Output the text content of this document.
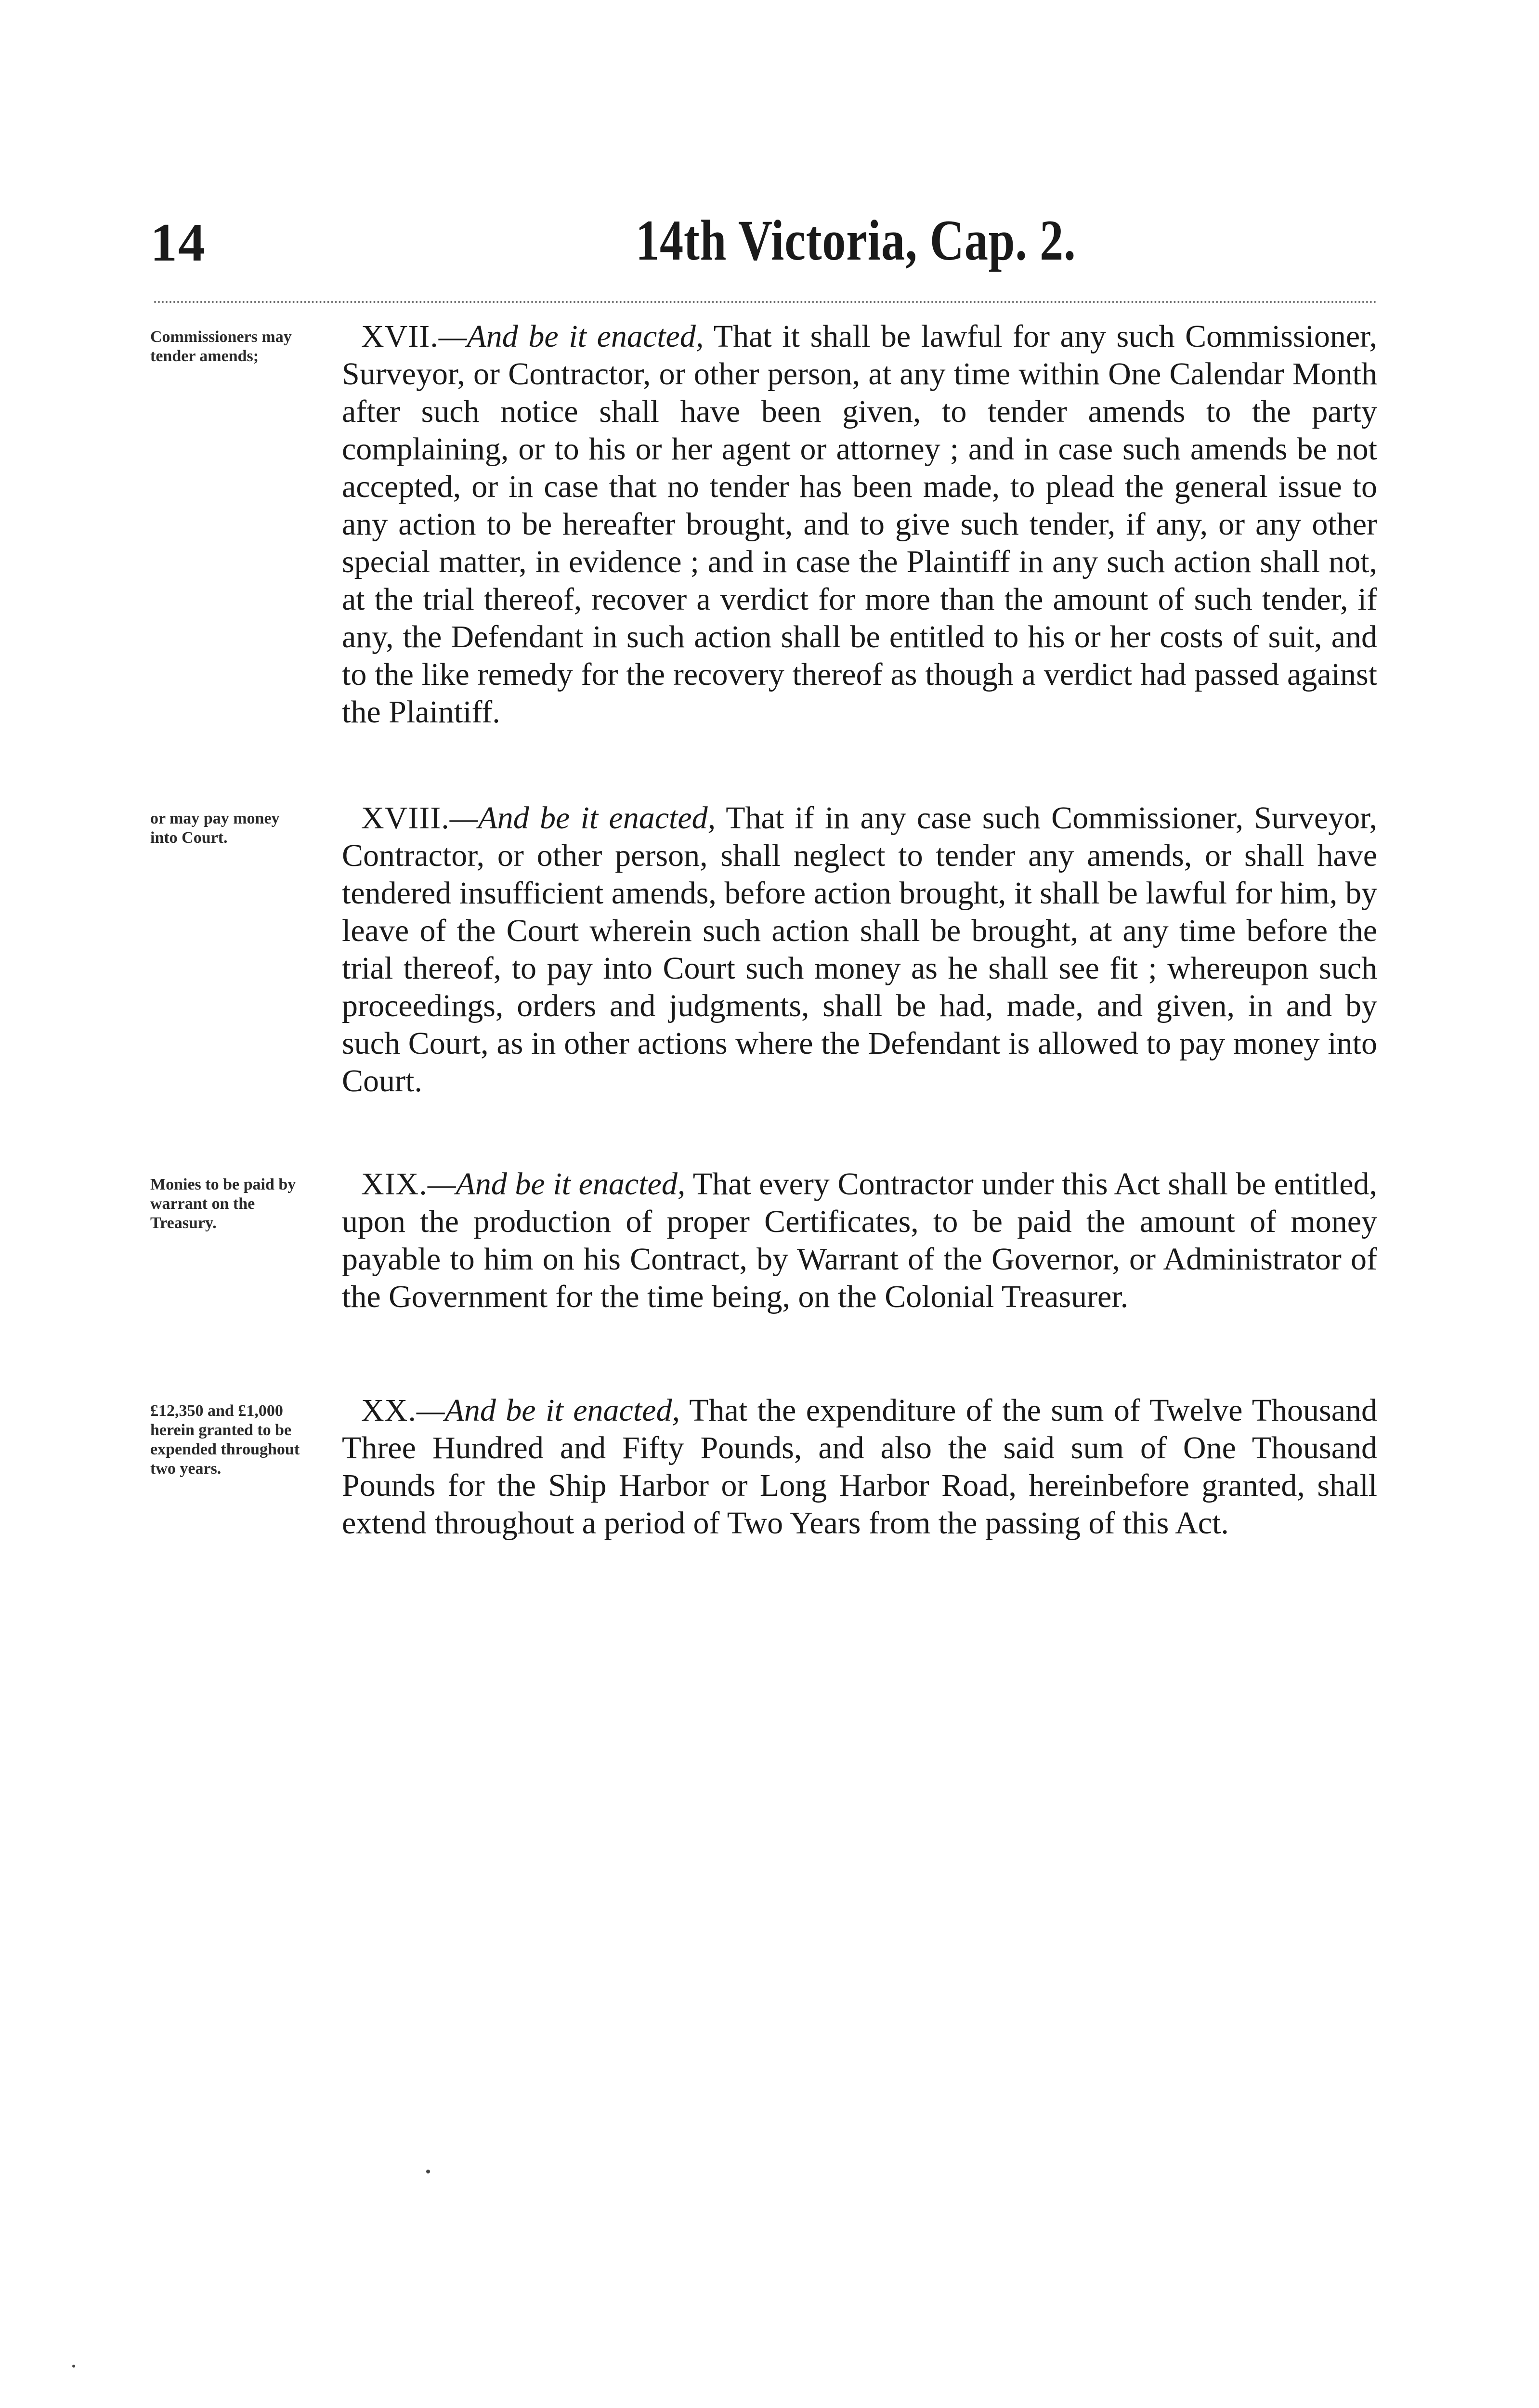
14	14th Victoria, Cap. 2.
Commissioners may tender amends;

XVII.—And be it enacted, That it shall be lawful for any such Commissioner, Surveyor, or Contractor, or other person, at any time within One Calendar Month after such notice shall have been given, to tender amends to the party complaining, or to his or her agent or attorney ; and in case such amends be not accepted, or in case that no tender has been made, to plead the general issue to any action to be hereafter brought, and to give such tender, if any, or any other special matter, in evidence ; and in case the Plaintiff in any such action shall not, at the trial thereof, recover a verdict for more than the amount of such tender, if any, the Defendant in such action shall be entitled to his or her costs of suit, and to the like remedy for the recovery thereof as though a verdict had passed against the Plaintiff.

or may pay money into Court.

XVIII.—And be it enacted, That if in any case such Commissioner, Surveyor, Contractor, or other person, shall neglect to tender any amends, or shall have tendered insufficient amends, before action brought, it shall be lawful for him, by leave of the Court wherein such action shall be brought, at any time before the trial thereof, to pay into Court such money as he shall see fit ; whereupon such proceedings, orders and judgments, shall be had, made, and given, in and by such Court, as in other actions where the Defendant is allowed to pay money into Court.

Monies to be paid by warrant on the Treasury.

XIX.—And be it enacted, That every Contractor under this Act shall be entitled, upon the production of proper Certificates, to be paid the amount of money payable to him on his Contract, by Warrant of the Governor, or Administrator of the Government for the time being, on the Colonial Treasurer.

£12,350 and £1,000 herein granted to be expended throughout two years.

XX.—And be it enacted, That the expenditure of the sum of Twelve Thousand Three Hundred and Fifty Pounds, and also the said sum of One Thousand Pounds for the Ship Harbor or Long Harbor Road, hereinbefore granted, shall extend throughout a period of Two Years from the passing of this Act.
